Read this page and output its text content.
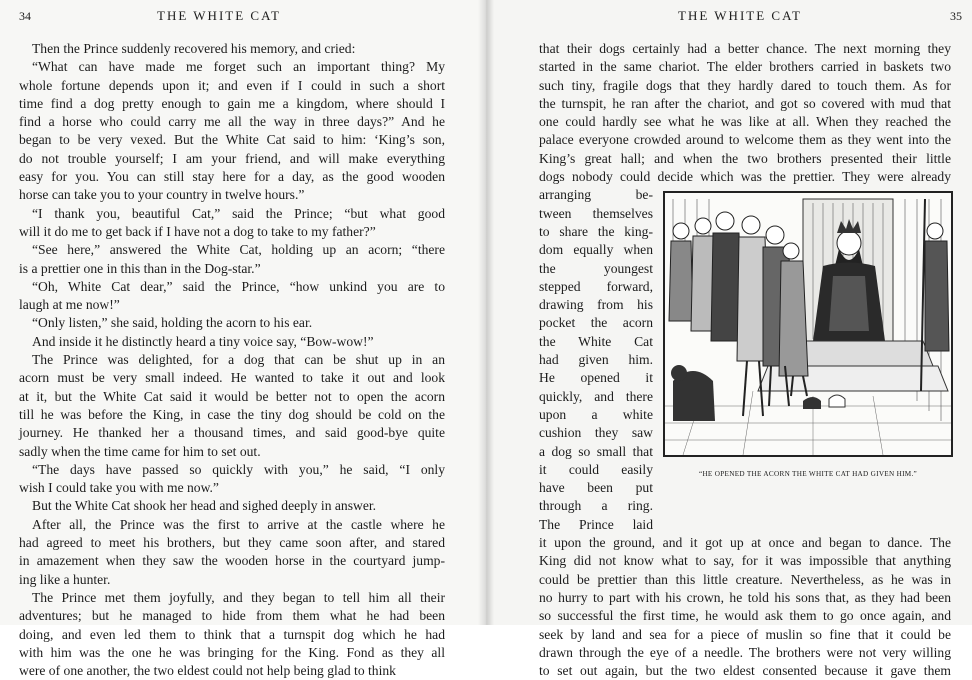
34	THE WHITE CAT
Then the Prince suddenly recovered his memory, and cried:
“What can have made me forget such an important thing? My
whole fortune depends upon it; and even if I could in such a short
time find a dog pretty enough to gain me a kingdom, where should I
find a horse who could carry me all the way in three days?” And he
began to be very vexed. But the White Cat said to him: ‘King’s son,
do not trouble yourself; I am your friend, and will make everything
easy for you. You can still stay here for a day, as the good wooden
horse can take you to your country in twelve hours.”
“I thank you, beautiful Cat,” said the Prince; “but what good
will it do me to get back if I have not a dog to take to my father?”
“See here,” answered the White Cat, holding up an acorn; “there
is a prettier one in this than in the Dog-star.”
“Oh, White Cat dear,” said the Prince, “how unkind you are to
laugh at me now!”
“Only listen,” she said, holding the acorn to his ear.
And inside it he distinctly heard a tiny voice say, “Bow-wow!”
The Prince was delighted, for a dog that can be shut up in an
acorn must be very small indeed. He wanted to take it out and look
at it, but the White Cat said it would be better not to open the acorn
till he was before the King, in case the tiny dog should be cold on the
journey. He thanked her a thousand times, and said good-bye quite
sadly when the time came for him to set out.
“The days have passed so quickly with you,” he said, “I only
wish I could take you with me now.”
But the White Cat shook her head and sighed deeply in answer.
After all, the Prince was the first to arrive at the castle where he
had agreed to meet his brothers, but they came soon after, and stared
in amazement when they saw the wooden horse in the courtyard jump-
ing like a hunter.
The Prince met them joyfully, and they began to tell him all their
adventures; but he managed to hide from them what he had been
doing, and even led them to think that a turnspit dog which he had
with him was the one he was bringing for the King. Fond as they all
were of one another, the two eldest could not help being glad to think
THE WHITE CAT	35
that their dogs certainly had a better chance. The next morning they
started in the same chariot. The elder brothers carried in baskets two
such tiny, fragile dogs that they hardly dared to touch them. As for
the turnspit, he ran after the chariot, and got so covered with mud that
one could hardly see what he was like at all. When they reached the
palace everyone crowded around to welcome them as they went into the
King’s great hall; and when the two brothers presented their little
dogs nobody could decide which was the prettier. They were already
“HE OPENED THE ACORN THE WHITE CAT HAD GIVEN HIM.”
arranging be-
tween themselves
to share the king-
dom equally when
the youngest
stepped forward,
drawing from his
pocket the acorn
the White Cat
had given him.
He opened it
quickly, and there
upon a white
cushion they saw
a dog so small that
it could easily
have been put
through a ring.
The Prince laid
it upon the ground, and it got up at once and began to dance. The
King did not know what to say, for it was impossible that anything
could be prettier than this little creature. Nevertheless, as he was in
no hurry to part with his crown, he told his sons that, as they had been
so successful the first time, he would ask them to go once again, and
seek by land and sea for a piece of muslin so fine that it could be
drawn through the eye of a needle. The brothers were not very willing
to set out again, but the two eldest consented because it gave them
